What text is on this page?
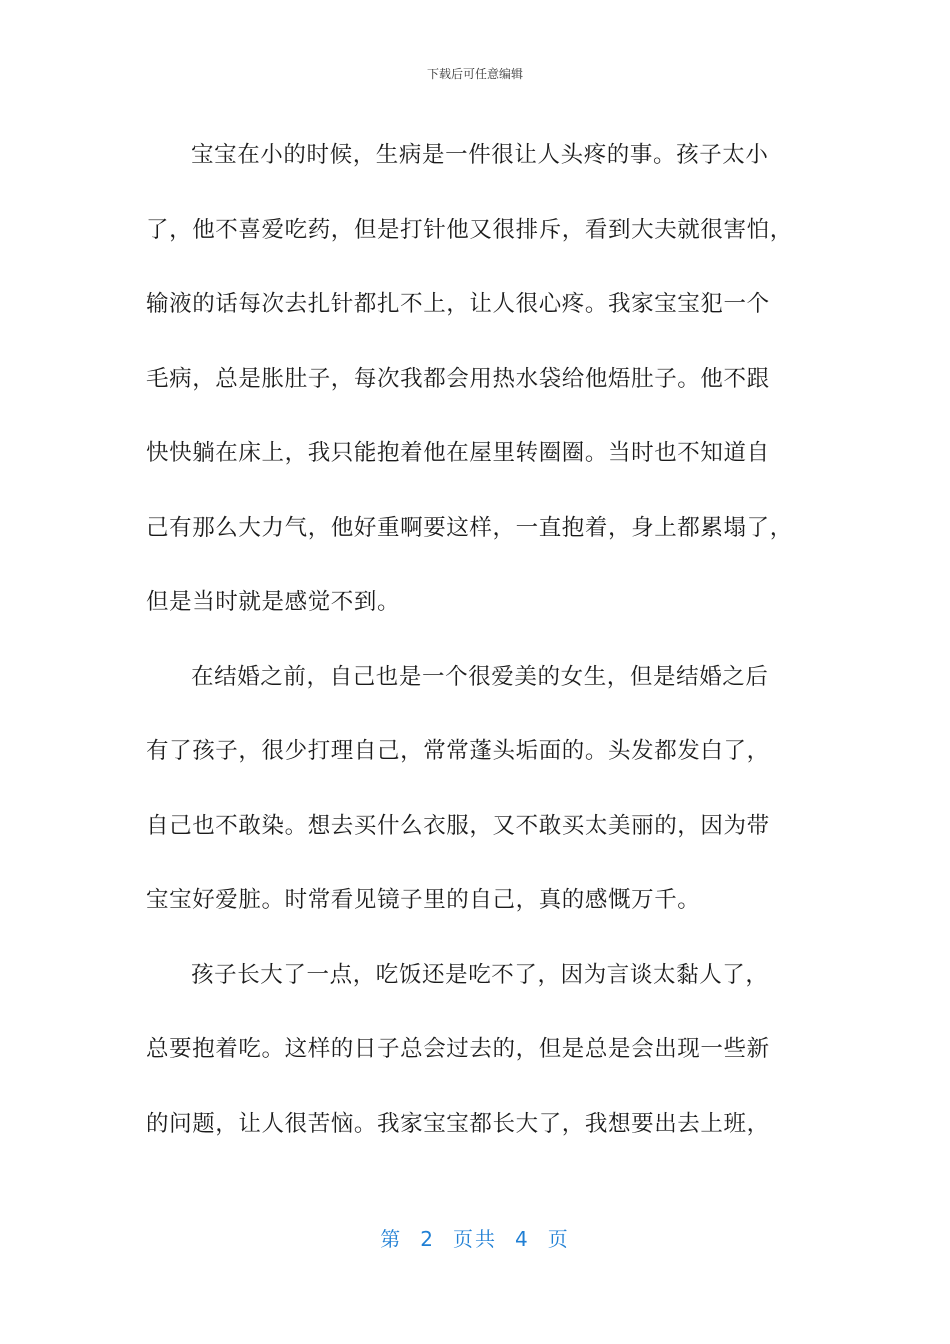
下载后可任意编辑

宝宝在小的时候，生病是一件很让人头疼的事。孩子太小
了，他不喜爱吃药，但是打针他又很排斥，看到大夫就很害怕，
输液的话每次去扎针都扎不上，让人很心疼。我家宝宝犯一个
毛病，总是胀肚子，每次我都会用热水袋给他焐肚子。他不跟
快快躺在床上，我只能抱着他在屋里转圈圈。当时也不知道自
己有那么大力气，他好重啊要这样，一直抱着，身上都累塌了，
但是当时就是感觉不到。

在结婚之前，自己也是一个很爱美的女生，但是结婚之后
有了孩子，很少打理自己，常常蓬头垢面的。头发都发白了，
自己也不敢染。想去买什么衣服，又不敢买太美丽的，因为带
宝宝好爱脏。时常看见镜子里的自己，真的感慨万千。

孩子长大了一点，吃饭还是吃不了，因为言谈太黏人了，
总要抱着吃。这样的日子总会过去的，但是总是会出现一些新
的问题，让人很苦恼。我家宝宝都长大了，我想要出去上班，

第 2 页共 4 页
